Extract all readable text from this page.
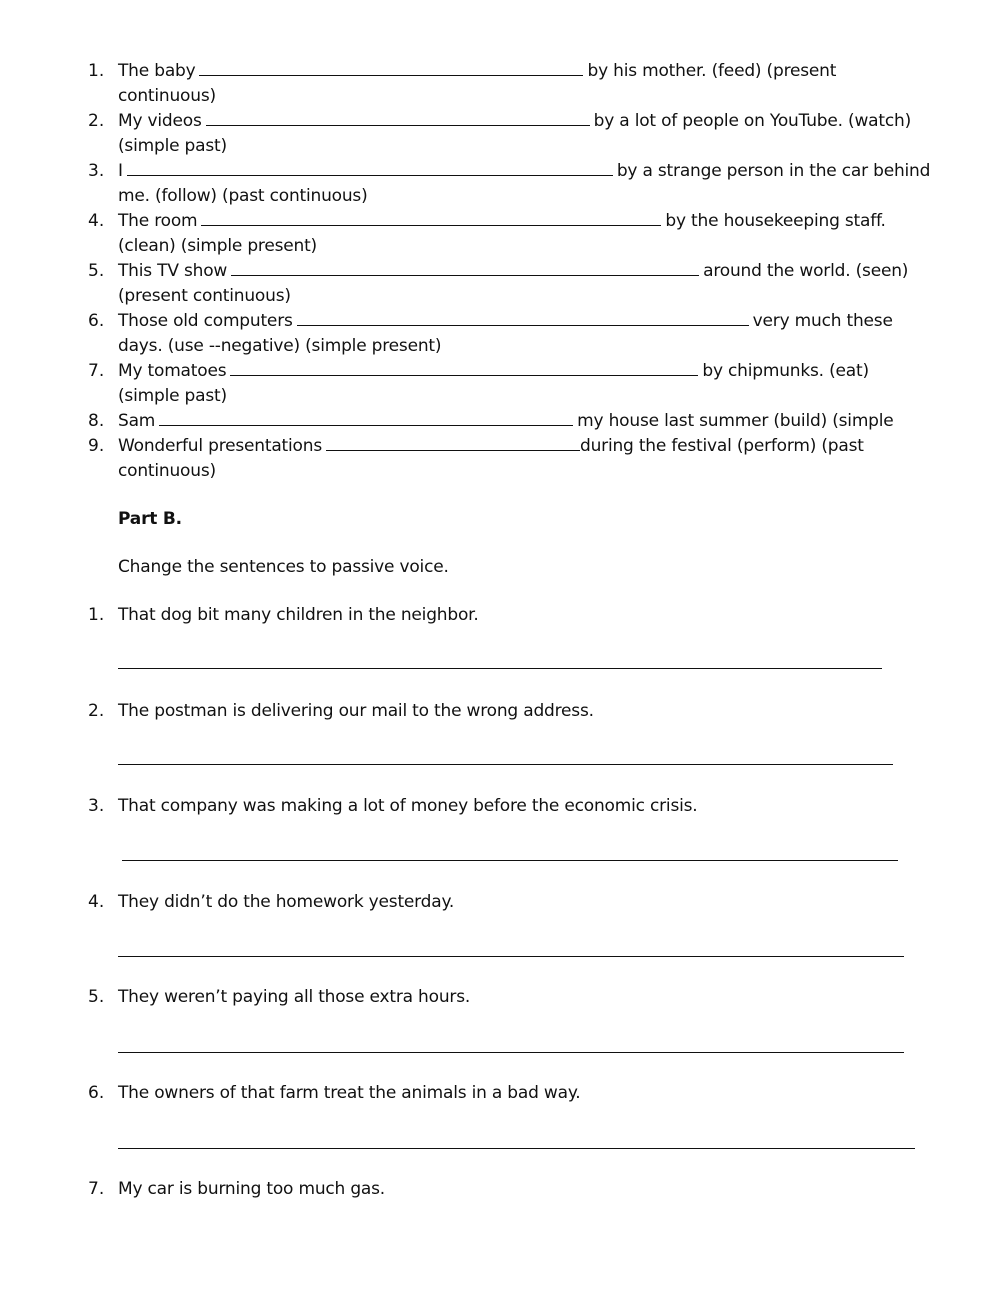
1. The baby	by his mother. (feed) (present
continuous)
2. My videos	by a lot of people on YouTube. (watch)
(simple past)
3. I	by a strange person in the car behind
me. (follow) (past continuous)
4. The room	by the housekeeping staff.
(clean) (simple present)
5. This TV show	around the world. (seen)
(present continuous)
6. Those old computers	very much these
days. (use --negative) (simple present)
7. My tomatoes	by chipmunks. (eat)
(simple past)
8. Sam	my house last summer (build) (simple
9. Wonderful presentations	during the festival (perform) (past
continuous)
Part B.
Change the sentences to passive voice.
1. That dog bit many children in the neighbor.
2. The postman is delivering our mail to the wrong address.
3. That company was making a lot of money before the economic crisis.
4. They didn’t do the homework yesterday.
5. They weren’t paying all those extra hours.
6. The owners of that farm treat the animals in a bad way.
7. My car is burning too much gas.
